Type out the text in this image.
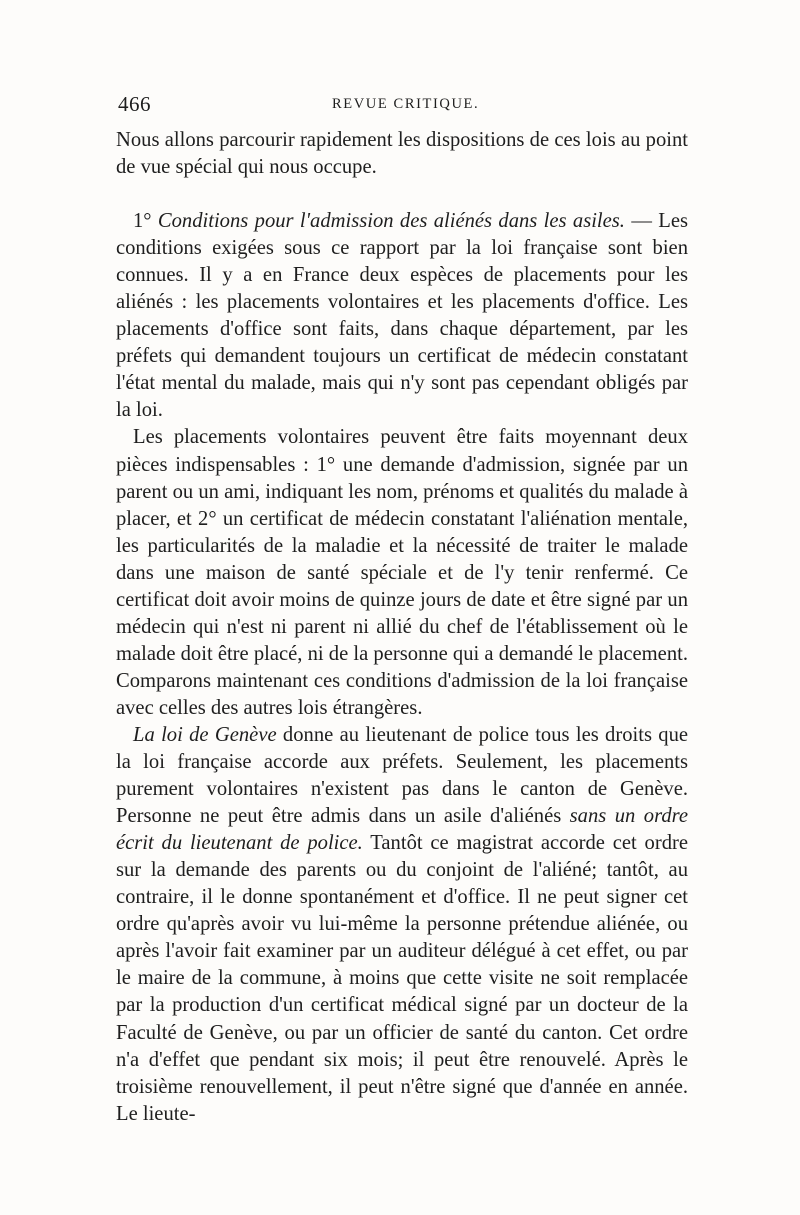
466	REVUE CRITIQUE.

Nous allons parcourir rapidement les dispositions de ces lois au point de vue spécial qui nous occupe.

1° Conditions pour l'admission des aliénés dans les asiles. — Les conditions exigées sous ce rapport par la loi française sont bien connues. Il y a en France deux espèces de placements pour les aliénés : les placements volontaires et les placements d'office. Les placements d'office sont faits, dans chaque département, par les préfets qui demandent toujours un certificat de médecin constatant l'état mental du malade, mais qui n'y sont pas cependant obligés par la loi.

Les placements volontaires peuvent être faits moyennant deux pièces indispensables : 1° une demande d'admission, signée par un parent ou un ami, indiquant les nom, prénoms et qualités du malade à placer, et 2° un certificat de médecin constatant l'aliénation mentale, les particularités de la maladie et la nécessité de traiter le malade dans une maison de santé spéciale et de l'y tenir renfermé. Ce certificat doit avoir moins de quinze jours de date et être signé par un médecin qui n'est ni parent ni allié du chef de l'établissement où le malade doit être placé, ni de la personne qui a demandé le placement. Comparons maintenant ces conditions d'admission de la loi française avec celles des autres lois étrangères.

La loi de Genève donne au lieutenant de police tous les droits que la loi française accorde aux préfets. Seulement, les placements purement volontaires n'existent pas dans le canton de Genève. Personne ne peut être admis dans un asile d'aliénés sans un ordre écrit du lieutenant de police. Tantôt ce magistrat accorde cet ordre sur la demande des parents ou du conjoint de l'aliéné; tantôt, au contraire, il le donne spontanément et d'office. Il ne peut signer cet ordre qu'après avoir vu lui-même la personne prétendue aliénée, ou après l'avoir fait examiner par un auditeur délégué à cet effet, ou par le maire de la commune, à moins que cette visite ne soit remplacée par la production d'un certificat médical signé par un docteur de la Faculté de Genève, ou par un officier de santé du canton. Cet ordre n'a d'effet que pendant six mois; il peut être renouvelé. Après le troisième renouvellement, il peut n'être signé que d'année en année. Le lieute-
